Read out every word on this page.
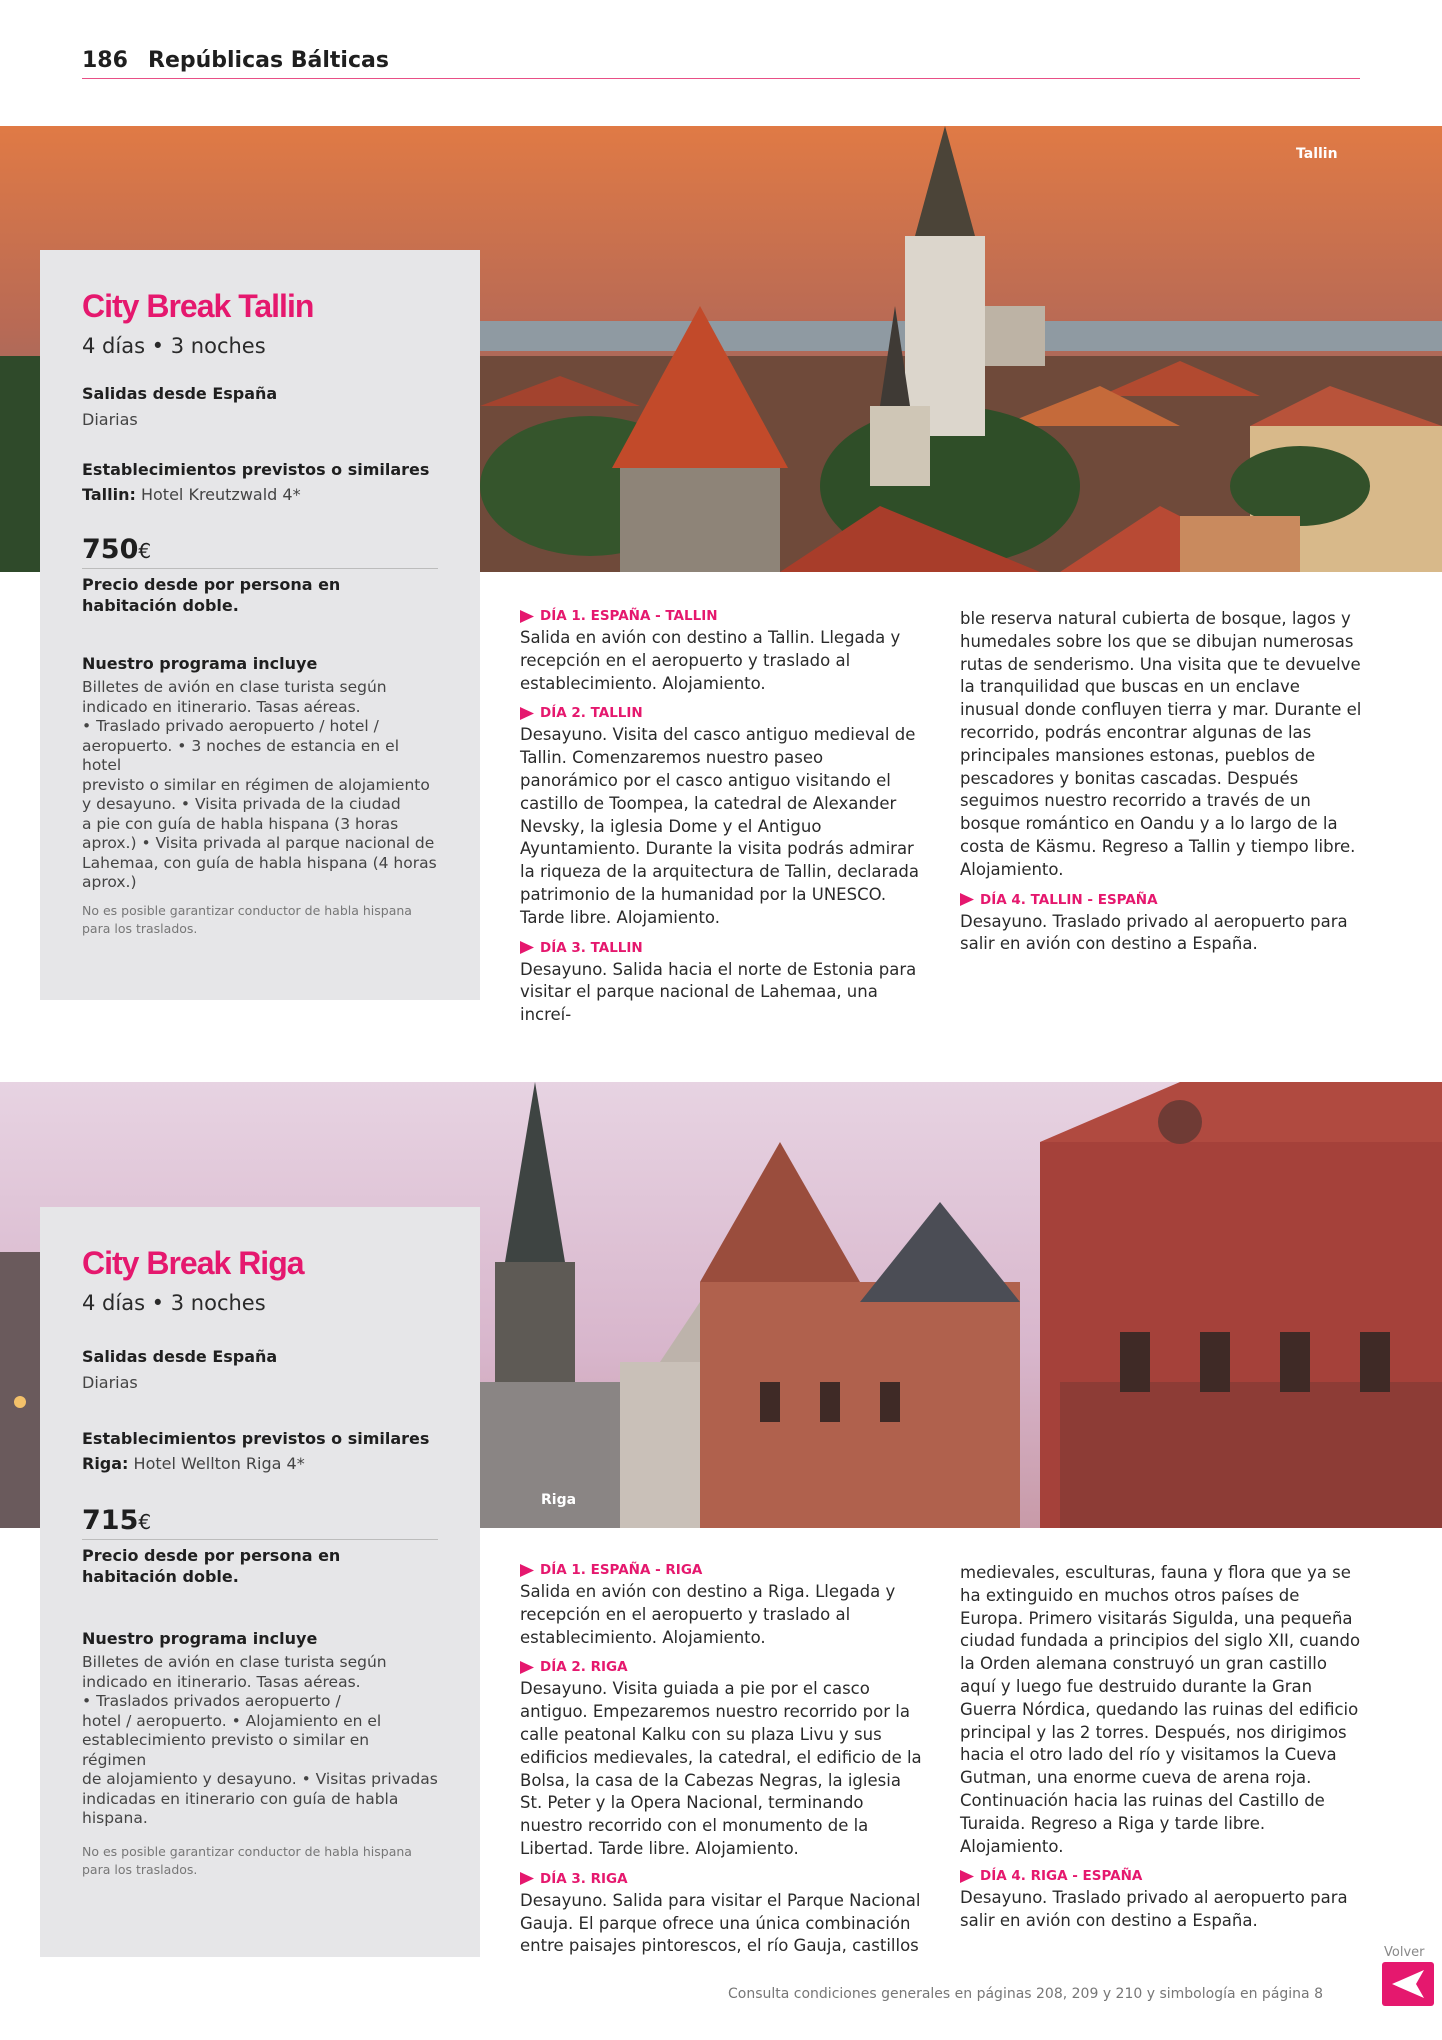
186 Repúblicas Bálticas
Tallin
City Break Tallin
4 días • 3 noches
Salidas desde España
Diarias
Establecimientos previstos o similares
Tallin: Hotel Kreutzwald 4*
750€
Precio desde por persona en habitación doble.
Nuestro programa incluye
Billetes de avión en clase turista según
indicado en itinerario. Tasas aéreas.
• Traslado privado aeropuerto / hotel /
aeropuerto. • 3 noches de estancia en el hotel
previsto o similar en régimen de alojamiento
y desayuno. • Visita privada de la ciudad
a pie con guía de habla hispana (3 horas
aprox.) • Visita privada al parque nacional de
Lahemaa, con guía de habla hispana (4 horas
aprox.)
No es posible garantizar conductor de habla hispana para los traslados.
DÍA 1. ESPAÑA - TALLIN

Salida en avión con destino a Tallin. Llegada y recepción en el aeropuerto y traslado al establecimiento. Alojamiento.

DÍA 2. TALLIN

Desayuno. Visita del casco antiguo medieval de Tallin. Comenzaremos nuestro paseo panorámico por el casco antiguo visitando el castillo de Toompea, la catedral de Alexander Nevsky, la iglesia Dome y el Antiguo Ayuntamiento. Durante la visita podrás admirar la riqueza de la arquitectura de Tallin, declarada patrimonio de la humanidad por la UNESCO. Tarde libre. Alojamiento.

DÍA 3. TALLIN

Desayuno. Salida hacia el norte de Estonia para visitar el parque nacional de Lahemaa, una increí-

ble reserva natural cubierta de bosque, lagos y humedales sobre los que se dibujan numerosas rutas de senderismo. Una visita que te devuelve la tranquilidad que buscas en un enclave inusual donde confluyen tierra y mar. Durante el recorrido, podrás encontrar algunas de las principales mansiones estonas, pueblos de pescadores y bonitas cascadas. Después seguimos nuestro recorrido a través de un bosque romántico en Oandu y a lo largo de la costa de Käsmu. Regreso a Tallin y tiempo libre. Alojamiento.

DÍA 4. TALLIN - ESPAÑA

Desayuno. Traslado privado al aeropuerto para salir en avión con destino a España.

Riga
City Break Riga
4 días • 3 noches
Salidas desde España
Diarias
Establecimientos previstos o similares
Riga: Hotel Wellton Riga 4*
715€
Precio desde por persona en habitación doble.
Nuestro programa incluye
Billetes de avión en clase turista según
indicado en itinerario. Tasas aéreas.
• Traslados privados aeropuerto /
hotel / aeropuerto. • Alojamiento en el
establecimiento previsto o similar en régimen
de alojamiento y desayuno. • Visitas privadas
indicadas en itinerario con guía de habla
hispana.
No es posible garantizar conductor de habla hispana para los traslados.
DÍA 1. ESPAÑA - RIGA

Salida en avión con destino a Riga. Llegada y recepción en el aeropuerto y traslado al establecimiento. Alojamiento.

DÍA 2. RIGA

Desayuno. Visita guiada a pie por el casco antiguo. Empezaremos nuestro recorrido por la calle peatonal Kalku con su plaza Livu y sus edificios medievales, la catedral, el edificio de la Bolsa, la casa de la Cabezas Negras, la iglesia St. Peter y la Opera Nacional, terminando nuestro recorrido con el monumento de la Libertad. Tarde libre. Alojamiento.

DÍA 3. RIGA

Desayuno. Salida para visitar el Parque Nacional Gauja. El parque ofrece una única combinación entre paisajes pintorescos, el río Gauja, castillos

medievales, esculturas, fauna y flora que ya se ha extinguido en muchos otros países de Europa. Primero visitarás Sigulda, una pequeña ciudad fundada a principios del siglo XII, cuando la Orden alemana construyó un gran castillo aquí y luego fue destruido durante la Gran Guerra Nórdica, quedando las ruinas del edificio principal y las 2 torres. Después, nos dirigimos hacia el otro lado del río y visitamos la Cueva Gutman, una enorme cueva de arena roja. Continuación hacia las ruinas del Castillo de Turaida. Regreso a Riga y tarde libre. Alojamiento.

DÍA 4. RIGA - ESPAÑA

Desayuno. Traslado privado al aeropuerto para salir en avión con destino a España.

Consulta condiciones generales en páginas 208, 209 y 210 y simbología en página 8
Volver
